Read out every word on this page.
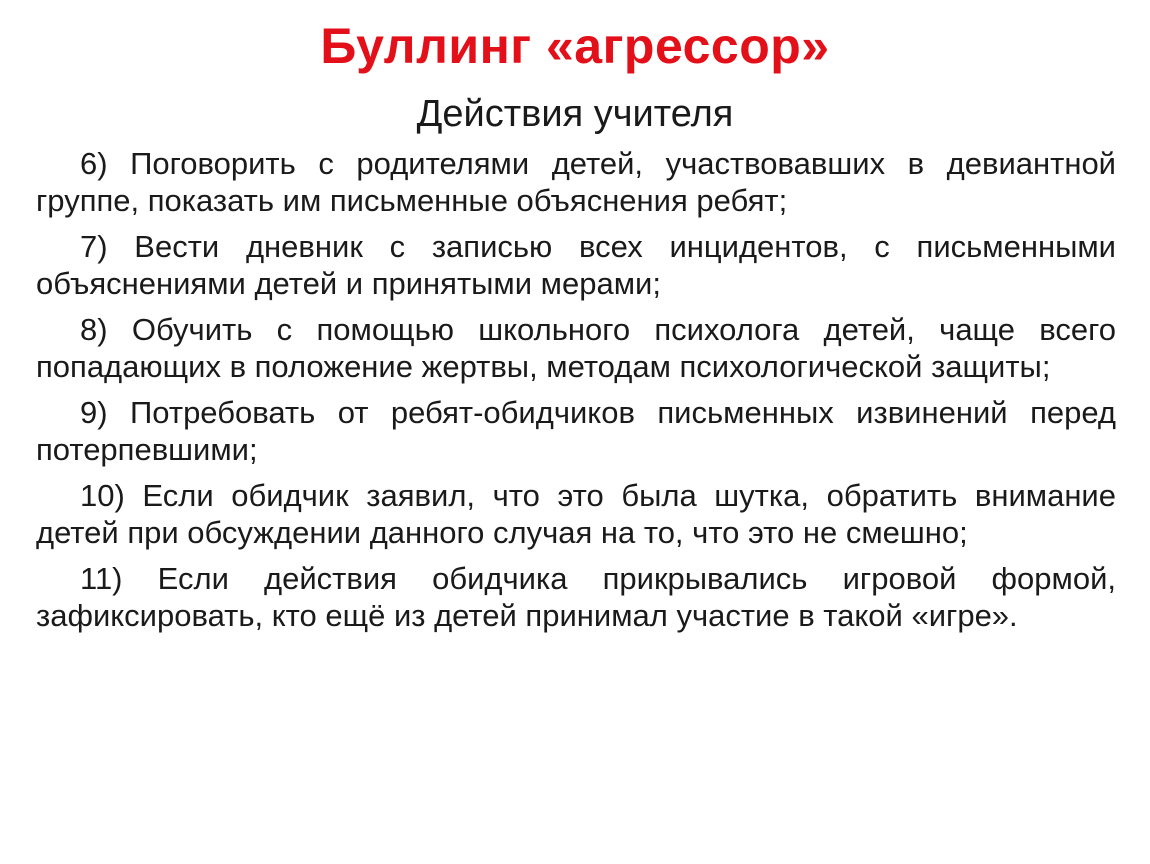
Буллинг «агрессор»
Действия учителя

6) Поговорить с родителями детей, участвовавших в девиантной группе, показать им письменные объяснения ребят;

7) Вести дневник с записью всех инцидентов, с письменными объяснениями детей и принятыми мерами;

8) Обучить с помощью школьного психолога детей, чаще всего попадающих в положение жертвы, методам психологической защиты;

9) Потребовать от ребят-обидчиков письменных извинений перед потерпевшими;

10) Если обидчик заявил, что это была шутка, обратить внимание детей при обсуждении данного случая на то, что это не смешно;

11) Если действия обидчика прикрывались игровой формой, зафиксировать, кто ещё из детей принимал участие в такой «игре».
